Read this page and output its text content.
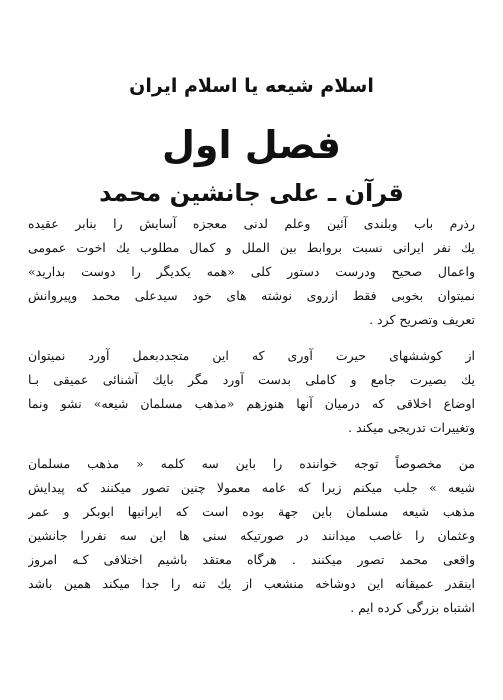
اسلام شیعه یا اسلام ایران
فصل اول
قرآن ـ علی جانشین محمد
رذرم باب وبلندی آئین وعلم لدنی معجزه آسایش را بنابر عقیده
یك نفر ایرانی نسبت بروابط بین الملل و کمال مطلوب یك اخوت عمومی
واعمال صحیح ودرست دستور کلی «همه یکدیگر را دوست بدارید»
نمیتوان بخوبی فقط ازروی نوشته های خود سیدعلی محمد وپیروانش
تعریف وتصریح کرد .
از کوششهای حیرت آوری که این متجددبعمل آورد نمیتوان
یك بصیرت جامع و کاملی بدست آورد مگر بایك آشنائی عمیقی بـا
اوضاع اخلاقی که درمیان آنها هنوزهم «مذهب مسلمان شیعه» نشو ونما
وتغییرات تدریجی میکند .
من مخصوصاً توجه خواننده را باین سه کلمه « مذهب مسلمان
شیعه » جلب میکنم زیرا که عامه معمولا چنین تصور میکنند که پیدایش
مذهب شیعه مسلمان باین جهة بوده است که ایرانیها ابوبکر و عمر
وعثمان را غاصب میدانند در صورتیکه سنی ها این سه نفررا جانشین
واقعی محمد تصور میکنند . هرگاه معتقد باشیم اختلافی کـه امروز
اینقدر عمیقانه این دوشاخه منشعب از یك تنه را جدا میکند همین باشد
اشتباه بزرگی کرده ایم .
